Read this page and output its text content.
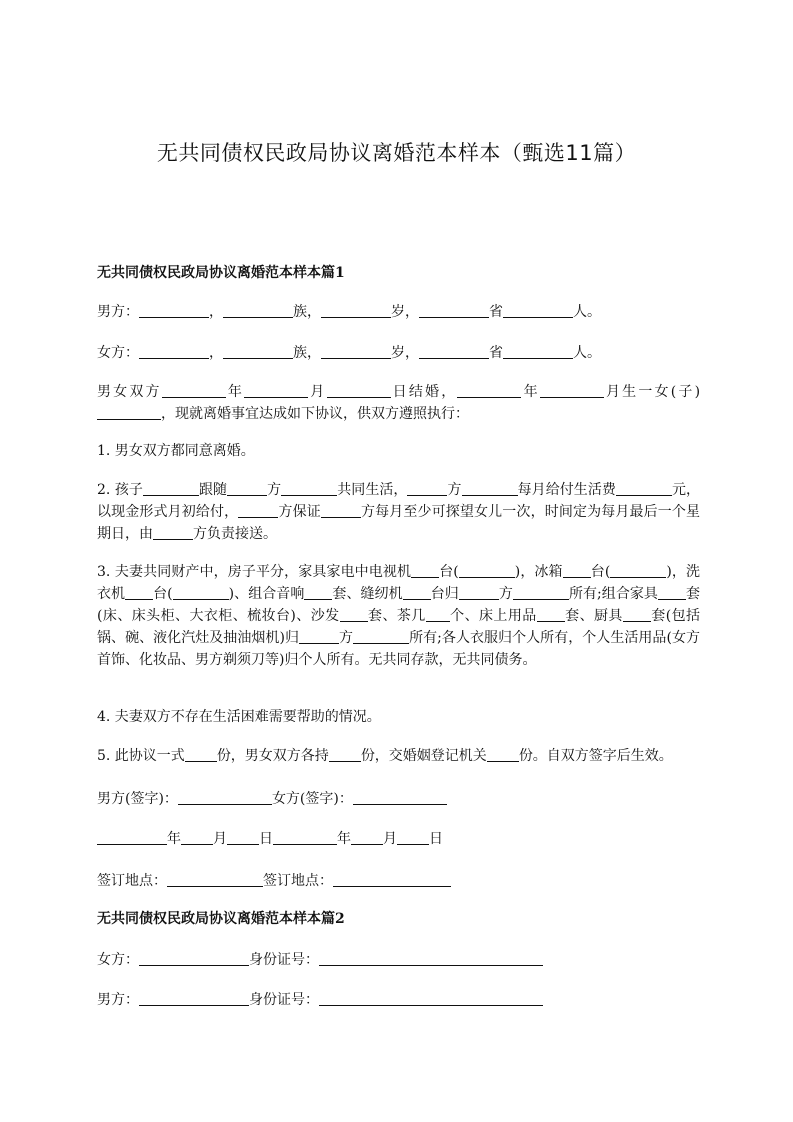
无共同债权民政局协议离婚范本样本（甄选11篇）
无共同债权民政局协议离婚范本样本篇1

男方：	，	族，	岁，	省	人。

女方：	，	族，	岁，	省	人。

男女双方	年	月	日结婚，	年	月生一女(子)，现就离婚事宜达成如下协议，供双方遵照执行：

1. 男女双方都同意离婚。

2. 孩子	跟随	方	共同生活，	方	每月给付生活费	元，以现金形式月初给付，	方保证	方每月至少可探望女儿一次，时间定为每月最后一个星期日，由	方负责接送。

3. 夫妻共同财产中，房子平分，家具家电中电视机 台(	)，冰箱 台(	)，洗衣机 台(	)、组合音响 套、缝纫机 台归	方	所有;组合家具 套(床、床头柜、大衣柜、梳妆台)、沙发 套、茶几 个、床上用品 套、厨具 套(包括锅、碗、液化汽灶及抽油烟机)归	方	所有;各人衣服归个人所有，个人生活用品(女方首饰、化妆品、男方剃须刀等)归个人所有。无共同存款，无共同债务。

4. 夫妻双方不存在生活困难需要帮助的情况。

5. 此协议一式 份，男女双方各持 份，交婚姻登记机关 份。自双方签字后生效。

男方(签字)：	女方(签字)：

年 月 日	年 月 日

签订地点：	签订地点：

无共同债权民政局协议离婚范本样本篇2

女方：	身份证号：

男方：	身份证号：
